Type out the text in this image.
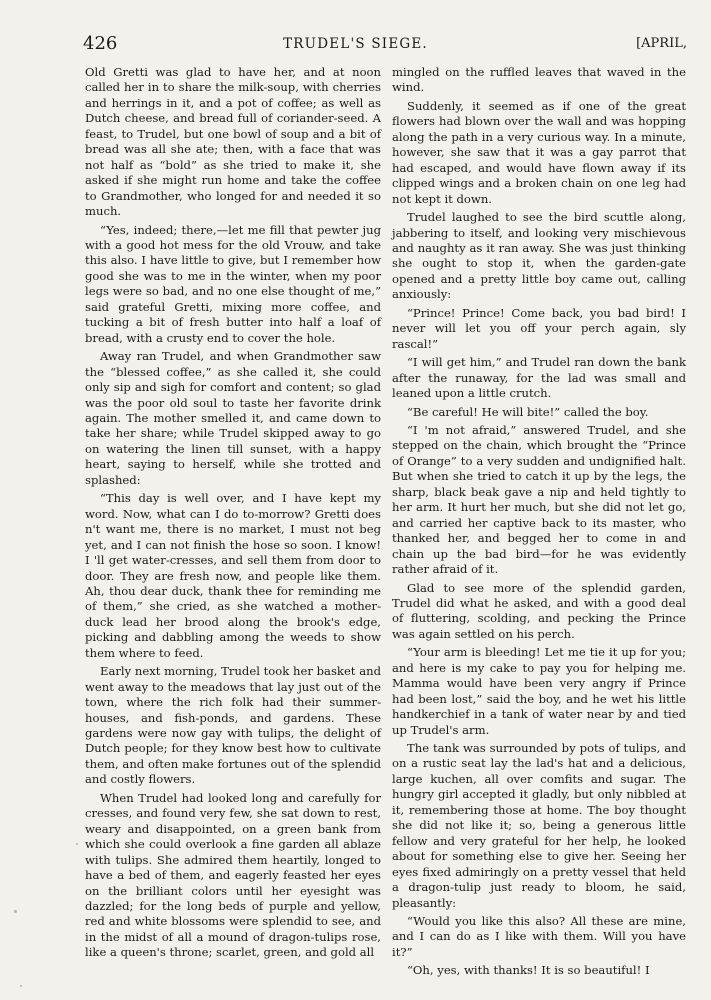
426	TRUDEL'S SIEGE.	[APRIL,

Old Gretti was glad to have her, and at noon called her in to share the milk-soup, with cherries and herrings in it, and a pot of coffee; as well as Dutch cheese, and bread full of coriander-seed. A feast, to Trudel, but one bowl of soup and a bit of bread was all she ate; then, with a face that was not half as “bold” as she tried to make it, she asked if she might run home and take the coffee to Grandmother, who longed for and needed it so much.

“Yes, indeed; there,—let me fill that pewter jug with a good hot mess for the old Vrouw, and take this also. I have little to give, but I remember how good she was to me in the winter, when my poor legs were so bad, and no one else thought of me,” said grateful Gretti, mixing more coffee, and tucking a bit of fresh butter into half a loaf of bread, with a crusty end to cover the hole.

Away ran Trudel, and when Grandmother saw the “blessed coffee,” as she called it, she could only sip and sigh for comfort and content; so glad was the poor old soul to taste her favorite drink again. The mother smelled it, and came down to take her share; while Trudel skipped away to go on watering the linen till sunset, with a happy heart, saying to herself, while she trotted and splashed:

“This day is well over, and I have kept my word. Now, what can I do to-morrow? Gretti does n't want me, there is no market, I must not beg yet, and I can not finish the hose so soon. I know! I 'll get water-cresses, and sell them from door to door. They are fresh now, and people like them. Ah, thou dear duck, thank thee for reminding me of them,” she cried, as she watched a mother-duck lead her brood along the brook's edge, picking and dabbling among the weeds to show them where to feed.

Early next morning, Trudel took her basket and went away to the meadows that lay just out of the town, where the rich folk had their summer-houses, and fish-ponds, and gardens. These gardens were now gay with tulips, the delight of Dutch people; for they know best how to cultivate them, and often make fortunes out of the splendid and costly flowers.

When Trudel had looked long and carefully for cresses, and found very few, she sat down to rest, weary and disappointed, on a green bank from which she could overlook a fine garden all ablaze with tulips. She admired them heartily, longed to have a bed of them, and eagerly feasted her eyes on the brilliant colors until her eyesight was dazzled; for the long beds of purple and yellow, red and white blossoms were splendid to see, and in the midst of all a mound of dragon-tulips rose, like a queen's throne; scarlet, green, and gold all

mingled on the ruffled leaves that waved in the wind.

Suddenly, it seemed as if one of the great flowers had blown over the wall and was hopping along the path in a very curious way. In a minute, however, she saw that it was a gay parrot that had escaped, and would have flown away if its clipped wings and a broken chain on one leg had not kept it down.

Trudel laughed to see the bird scuttle along, jabbering to itself, and looking very mischievous and naughty as it ran away. She was just thinking she ought to stop it, when the garden-gate opened and a pretty little boy came out, calling anxiously:

“Prince! Prince! Come back, you bad bird! I never will let you off your perch again, sly rascal!”

“I will get him,” and Trudel ran down the bank after the runaway, for the lad was small and leaned upon a little crutch.

“Be careful! He will bite!” called the boy.

“I 'm not afraid,” answered Trudel, and she stepped on the chain, which brought the “Prince of Orange” to a very sudden and undignified halt. But when she tried to catch it up by the legs, the sharp, black beak gave a nip and held tightly to her arm. It hurt her much, but she did not let go, and carried her captive back to its master, who thanked her, and begged her to come in and chain up the bad bird—for he was evidently rather afraid of it.

Glad to see more of the splendid garden, Trudel did what he asked, and with a good deal of fluttering, scolding, and pecking the Prince was again settled on his perch.

“Your arm is bleeding! Let me tie it up for you; and here is my cake to pay you for helping me. Mamma would have been very angry if Prince had been lost,” said the boy, and he wet his little handkerchief in a tank of water near by and tied up Trudel's arm.

The tank was surrounded by pots of tulips, and on a rustic seat lay the lad's hat and a delicious, large kuchen, all over comfits and sugar. The hungry girl accepted it gladly, but only nibbled at it, remembering those at home. The boy thought she did not like it; so, being a generous little fellow and very grateful for her help, he looked about for something else to give her. Seeing her eyes fixed admiringly on a pretty vessel that held a dragon-tulip just ready to bloom, he said, pleasantly:

“Would you like this also? All these are mine, and I can do as I like with them. Will you have it?”

“Oh, yes, with thanks! It is so beautiful! I
